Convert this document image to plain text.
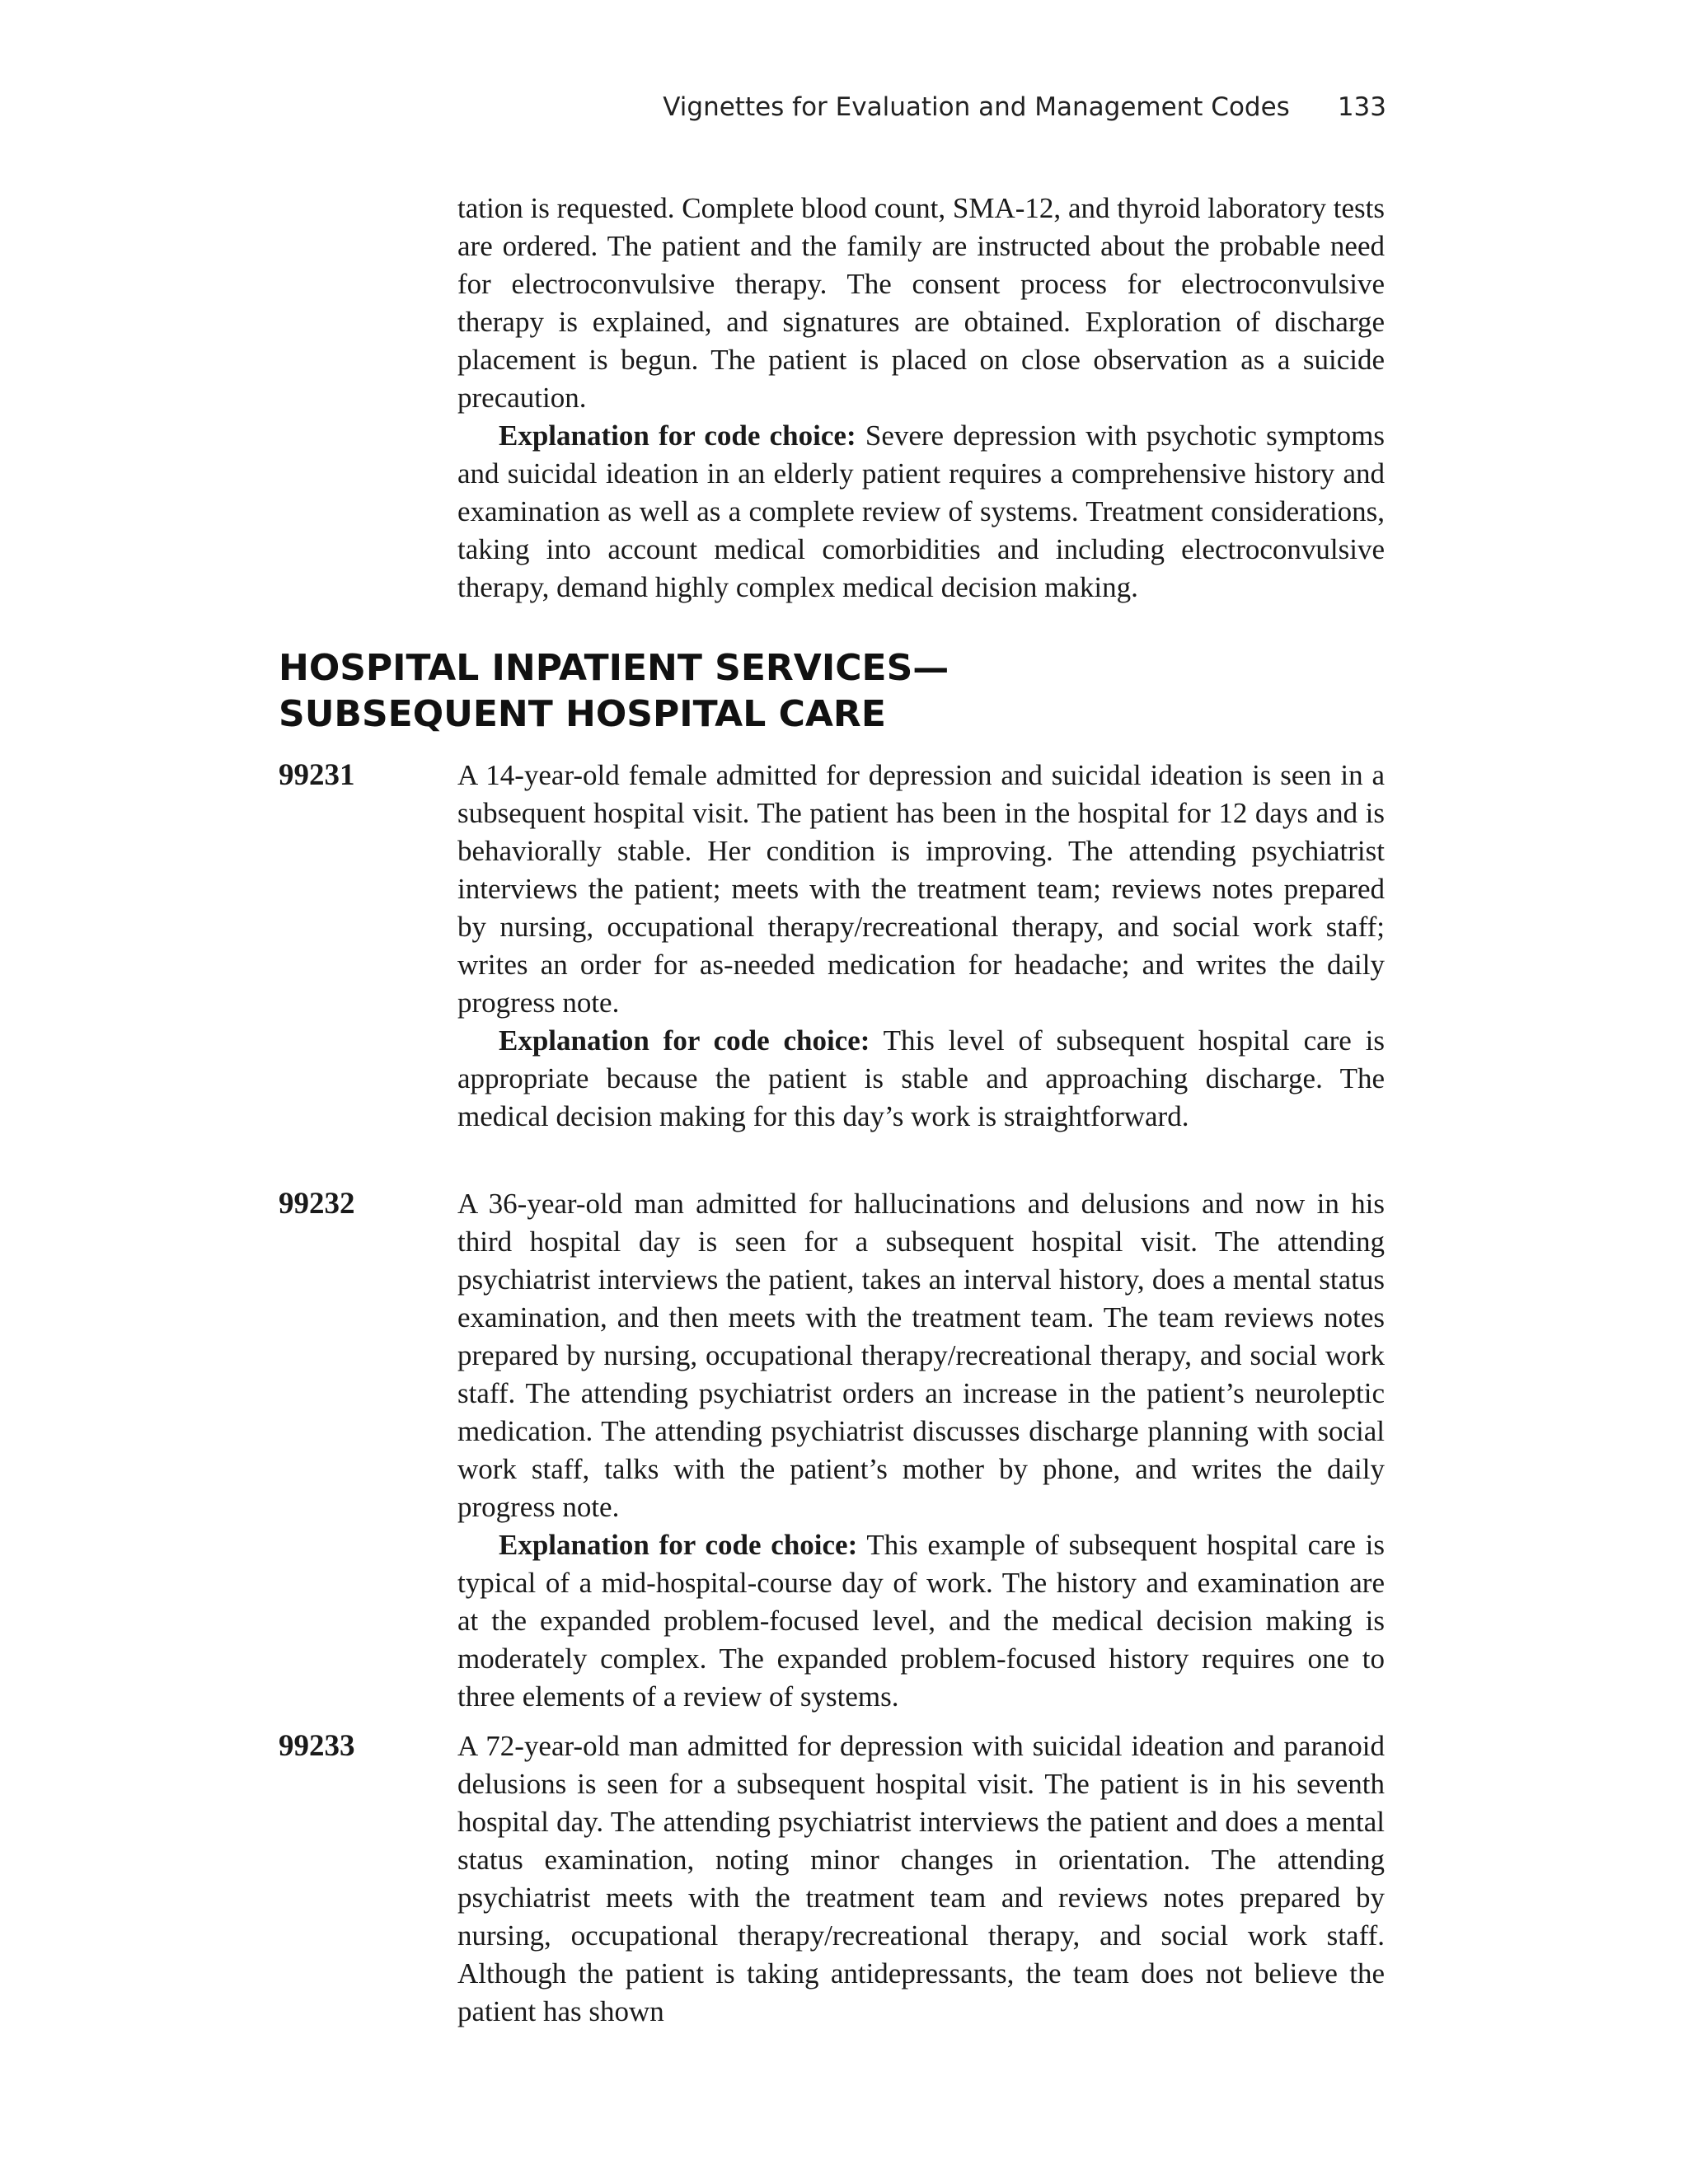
Vignettes for Evaluation and Management Codes 133

tation is requested. Complete blood count, SMA-12, and thyroid laboratory tests are ordered. The patient and the family are instructed about the probable need for electroconvulsive therapy. The consent process for electroconvulsive therapy is explained, and signatures are obtained. Exploration of discharge placement is begun. The patient is placed on close observation as a suicide precaution.

Explanation for code choice: Severe depression with psychotic symptoms and suicidal ideation in an elderly patient requires a comprehensive history and examination as well as a complete review of systems. Treatment considerations, taking into account medical comorbidities and including electroconvulsive therapy, demand highly complex medical decision making.

HOSPITAL INPATIENT SERVICES—
SUBSEQUENT HOSPITAL CARE
99231	A 14-year-old female admitted for depression and suicidal ideation is seen in a subsequent hospital visit. The patient has been in the hospital for 12 days and is behaviorally stable. Her condition is improving. The attending psychiatrist interviews the patient; meets with the treatment team; reviews notes prepared by nursing, occupational therapy/recreational therapy, and social work staff; writes an order for as-needed medication for headache; and writes the daily progress note.

Explanation for code choice: This level of subsequent hospital care is appropriate because the patient is stable and approaching discharge. The medical decision making for this day’s work is straightforward.

99232	A 36-year-old man admitted for hallucinations and delusions and now in his third hospital day is seen for a subsequent hospital visit. The attending psychiatrist interviews the patient, takes an interval history, does a mental status examination, and then meets with the treatment team. The team reviews notes prepared by nursing, occupational therapy/recreational therapy, and social work staff. The attending psychiatrist orders an increase in the patient’s neuroleptic medication. The attending psychiatrist discusses discharge planning with social work staff, talks with the patient’s mother by phone, and writes the daily progress note.

Explanation for code choice: This example of subsequent hospital care is typical of a mid-hospital-course day of work. The history and examination are at the expanded problem-focused level, and the medical decision making is moderately complex. The expanded problem-focused history requires one to three elements of a review of systems.

99233	A 72-year-old man admitted for depression with suicidal ideation and paranoid delusions is seen for a subsequent hospital visit. The patient is in his seventh hospital day. The attending psychiatrist interviews the patient and does a mental status examination, noting minor changes in orientation. The attending psychiatrist meets with the treatment team and reviews notes prepared by nursing, occupational therapy/recreational therapy, and social work staff. Although the patient is taking antidepressants, the team does not believe the patient has shown
